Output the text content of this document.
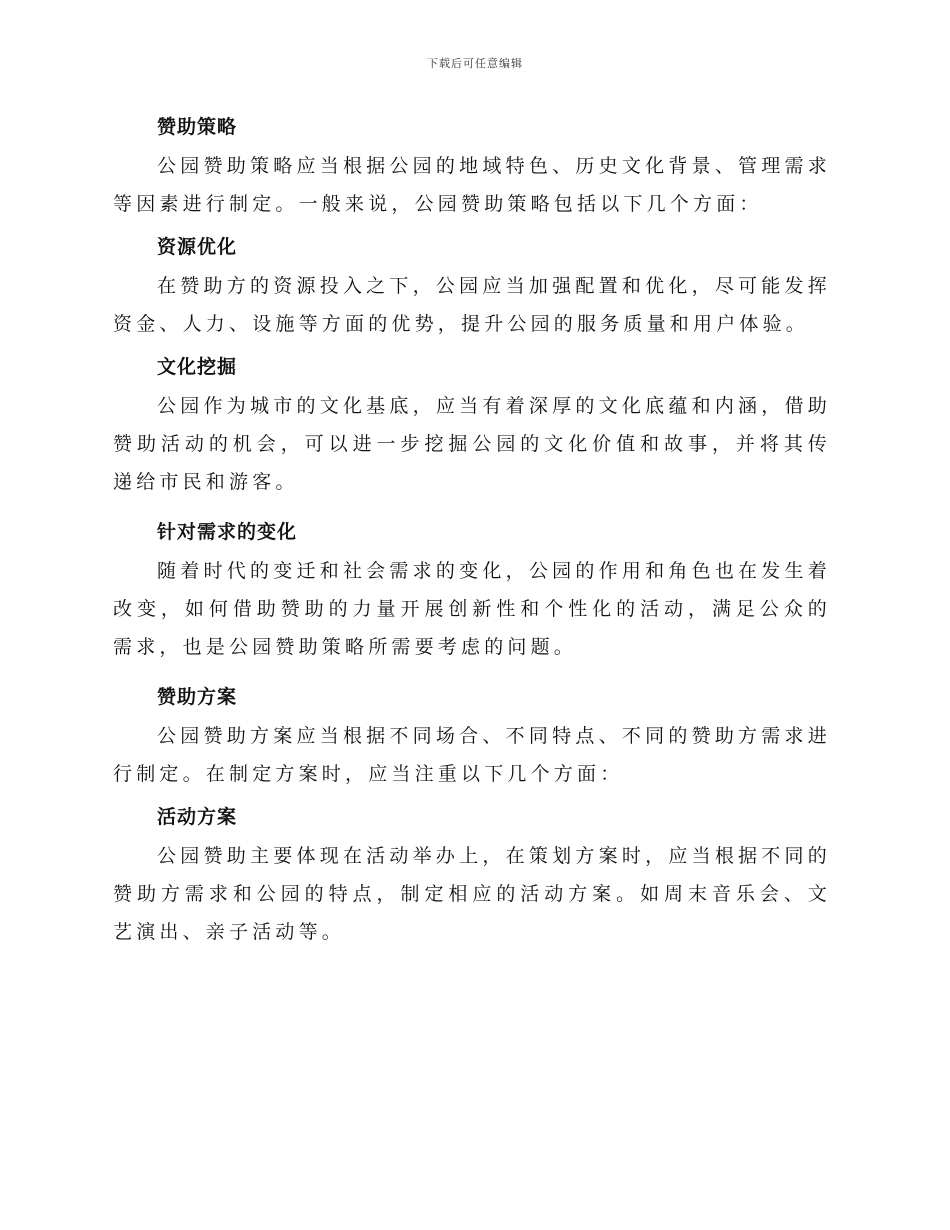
下载后可任意编辑
赞助策略

公园赞助策略应当根据公园的地域特色、历史文化背景、管理需求等因素进行制定。一般来说，公园赞助策略包括以下几个方面：

资源优化

在赞助方的资源投入之下，公园应当加强配置和优化，尽可能发挥资金、人力、设施等方面的优势，提升公园的服务质量和用户体验。

文化挖掘

公园作为城市的文化基底，应当有着深厚的文化底蕴和内涵，借助赞助活动的机会，可以进一步挖掘公园的文化价值和故事，并将其传递给市民和游客。

针对需求的变化

随着时代的变迁和社会需求的变化，公园的作用和角色也在发生着改变，如何借助赞助的力量开展创新性和个性化的活动，满足公众的需求，也是公园赞助策略所需要考虑的问题。

赞助方案

公园赞助方案应当根据不同场合、不同特点、不同的赞助方需求进行制定。在制定方案时，应当注重以下几个方面：

活动方案

公园赞助主要体现在活动举办上，在策划方案时，应当根据不同的赞助方需求和公园的特点，制定相应的活动方案。如周末音乐会、文艺演出、亲子活动等。
